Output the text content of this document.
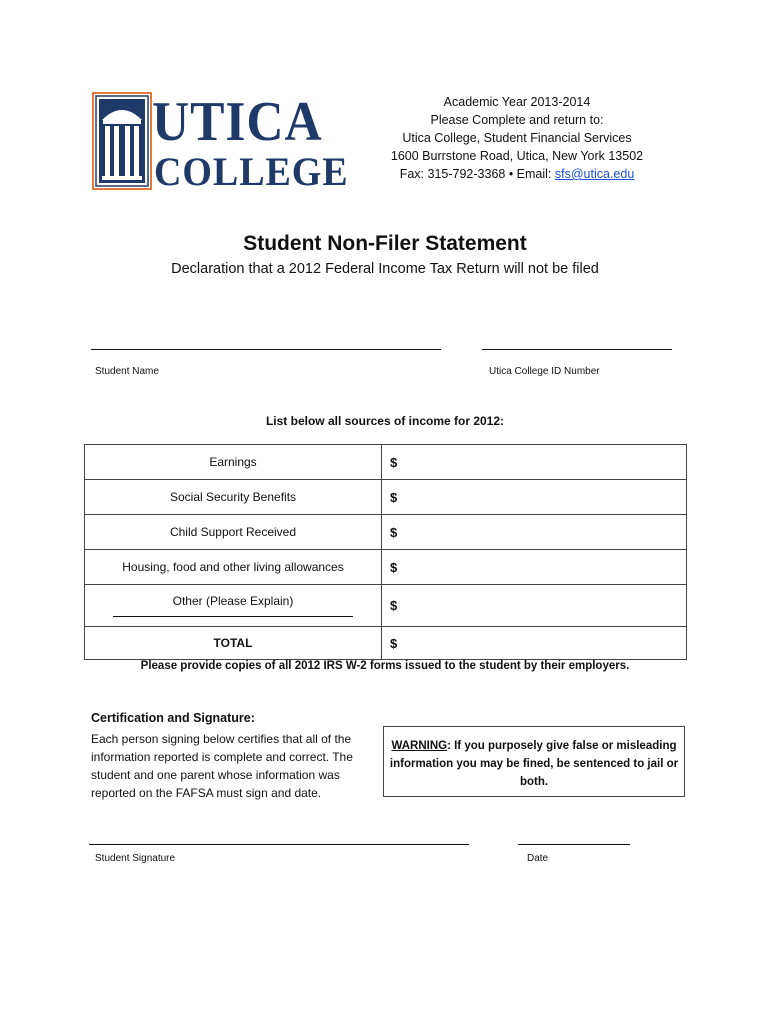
UTICA
COLLEGE
Academic Year 2013-2014
Please Complete and return to:
Utica College, Student Financial Services
1600 Burrstone Road, Utica, New York 13502
Fax: 315-792-3368 • Email: sfs@utica.edu
Student Non-Filer Statement
Declaration that a 2012 Federal Income Tax Return will not be filed
Student Name	Utica College ID Number
List below all sources of income for 2012:
Earnings	$
Social Security Benefits	$
Child Support Received	$
Housing, food and other living allowances	$
Other (Please Explain)	$
TOTAL	$
Please provide copies of all 2012 IRS W-2 forms issued to the student by their employers.
Certification and Signature:
Each person signing below certifies that all of the information reported is complete and correct. The student and one parent whose information was reported on the FAFSA must sign and date.
WARNING: If you purposely give false or misleading information you may be fined, be sentenced to jail or both.
Student Signature	Date
